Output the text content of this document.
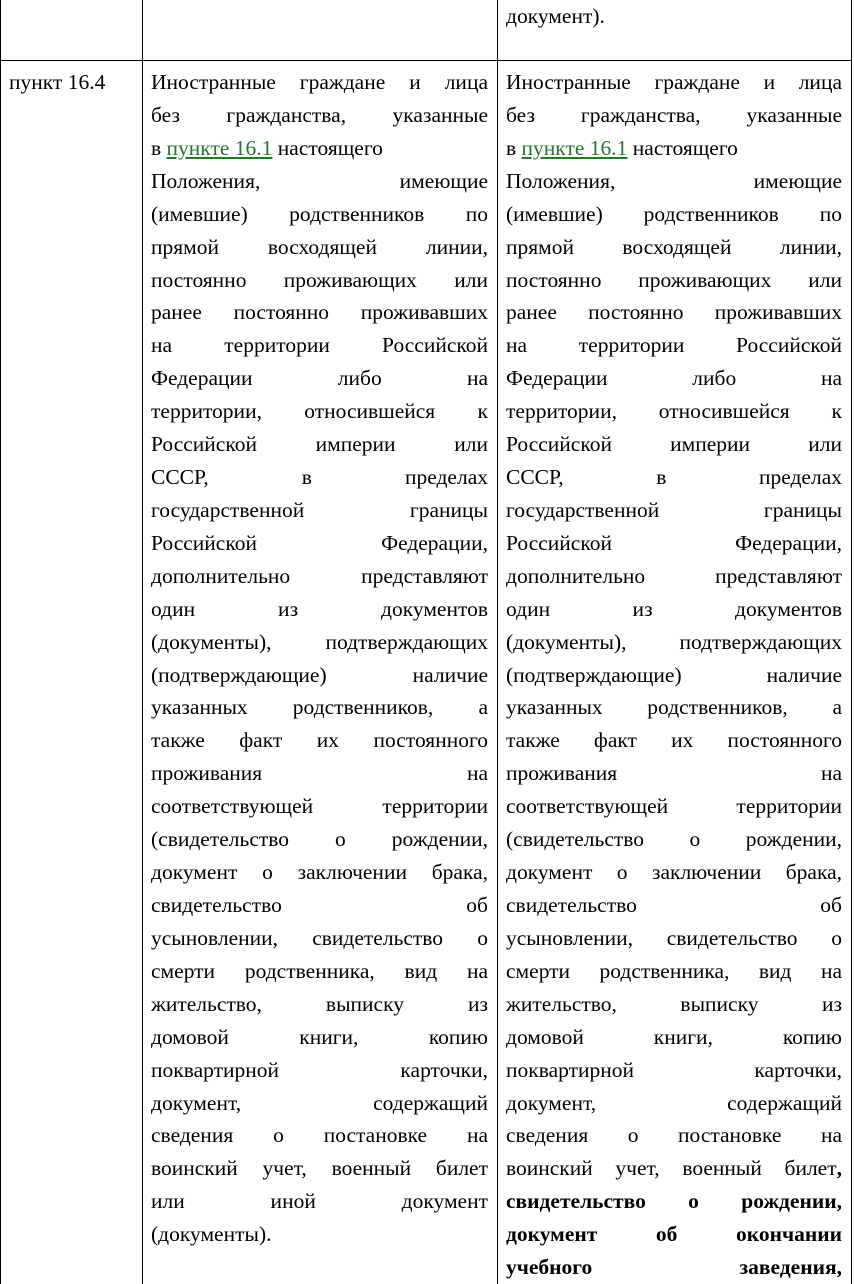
документ).
пункт 16.4	Иностранные граждане и лица
без гражданства, указанные
в пункте 16.1 настоящего
Положения, имеющие
(имевшие) родственников по
прямой восходящей линии,
постоянно проживающих или
ранее постоянно проживавших
на территории Российской
Федерации либо на
территории, относившейся к
Российской империи или
СССР, в пределах
государственной границы
Российской Федерации,
дополнительно представляют
один из документов
(документы), подтверждающих
(подтверждающие) наличие
указанных родственников, а
также факт их постоянного
проживания на
соответствующей территории
(свидетельство о рождении,
документ о заключении брака,
свидетельство об
усыновлении, свидетельство о
смерти родственника, вид на
жительство, выписку из
домовой книги, копию
поквартирной карточки,
документ, содержащий
сведения о постановке на
воинский учет, военный билет
или иной документ
(документы).
Иностранные граждане и лица
без гражданства, указанные
в пункте 16.1 настоящего
Положения, имеющие
(имевшие) родственников по
прямой восходящей линии,
постоянно проживающих или
ранее постоянно проживавших
на территории Российской
Федерации либо на
территории, относившейся к
Российской империи или
СССР, в пределах
государственной границы
Российской Федерации,
дополнительно представляют
один из документов
(документы), подтверждающих
(подтверждающие) наличие
указанных родственников, а
также факт их постоянного
проживания на
соответствующей территории
(свидетельство о рождении,
документ о заключении брака,
свидетельство об
усыновлении, свидетельство о
смерти родственника, вид на
жительство, выписку из
домовой книги, копию
поквартирной карточки,
документ, содержащий
сведения о постановке на
воинский учет, военный билет,
свидетельство о рождении,
документ об окончании
учебного заведения,
